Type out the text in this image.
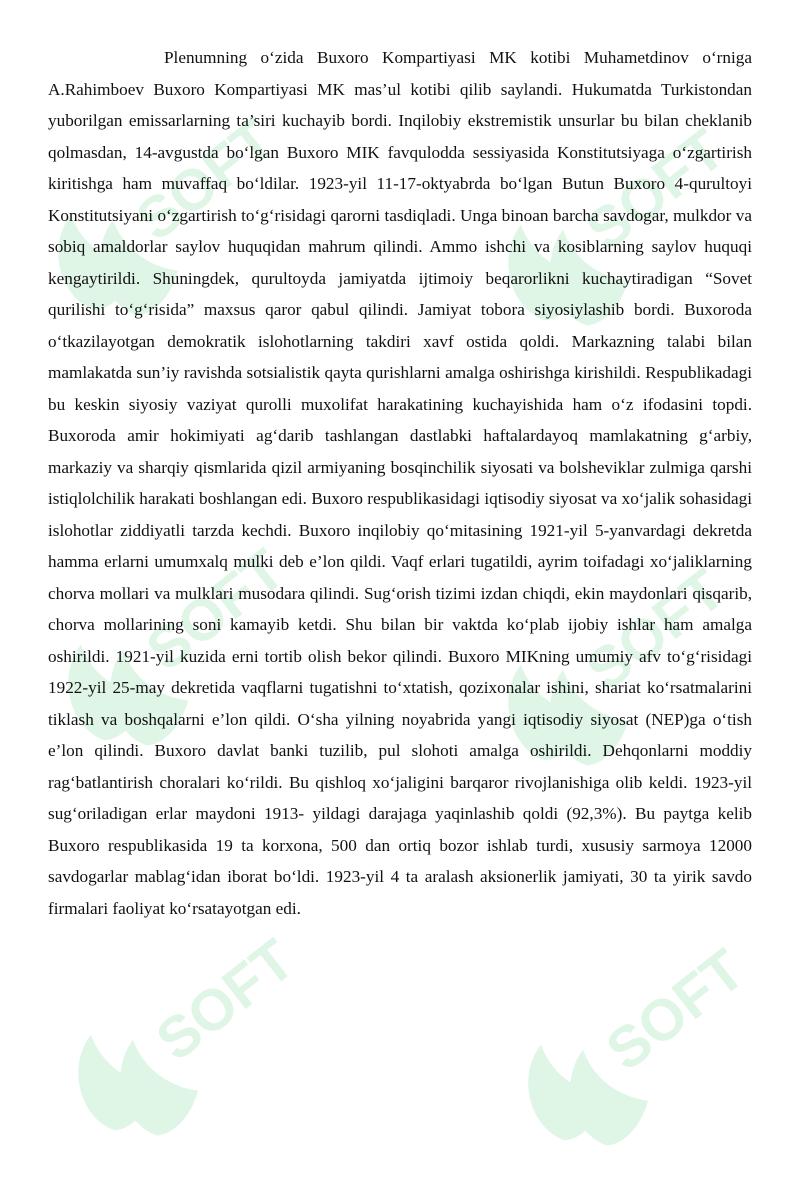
SOFT	SOFT
SOFT	SOFT
SOFT	SOFT

Plenumning o‘zida Buxoro Kompartiyasi MK kotibi Muhametdinov o‘rniga A.Rahimboev Buxoro Kompartiyasi MK mas’ul kotibi qilib saylandi. Hukumatda Turkistondan yuborilgan emissarlarning ta’siri kuchayib bordi. Inqilobiy ekstremistik unsurlar bu bilan cheklanib qolmasdan, 14-avgustda bo‘lgan Buxoro MIK favqulodda sessiyasida Konstitutsiyaga o‘zgartirish kiritishga ham muvaffaq bo‘ldilar. 1923-yil 11-17-oktyabrda bo‘lgan Butun Buxoro 4-qurultoyi Konstitutsiyani o‘zgartirish to‘g‘risidagi qarorni tasdiqladi. Unga binoan barcha savdogar, mulkdor va sobiq amaldorlar saylov huquqidan mahrum qilindi. Ammo ishchi va kosiblarning saylov huquqi kengaytirildi. Shuningdek, qurultoyda jamiyatda ijtimoiy beqarorlikni kuchaytiradigan “Sovet qurilishi to‘g‘risida” maxsus qaror qabul qilindi. Jamiyat tobora siyosiylashib bordi. Buxoroda o‘tkazilayotgan demokratik islohotlarning takdiri xavf ostida qoldi. Markazning talabi bilan mamlakatda sun’iy ravishda sotsialistik qayta qurishlarni amalga oshirishga kirishildi. Respublikadagi bu keskin siyosiy vaziyat qurolli muxolifat harakatining kuchayishida ham o‘z ifodasini topdi. Buxoroda amir hokimiyati ag‘darib tashlangan dastlabki haftalardayoq mamlakatning g‘arbiy, markaziy va sharqiy qismlarida qizil armiyaning bosqinchilik siyosati va bolsheviklar zulmiga qarshi istiqlolchilik harakati boshlangan edi. Buxoro respublikasidagi iqtisodiy siyosat va xo‘jalik sohasidagi islohotlar ziddiyatli tarzda kechdi. Buxoro inqilobiy qo‘mitasining 1921-yil 5-yanvardagi dekretda hamma erlarni umumxalq mulki deb e’lon qildi. Vaqf erlari tugatildi, ayrim toifadagi xo‘jaliklarning chorva mollari va mulklari musodara qilindi. Sug‘orish tizimi izdan chiqdi, ekin maydonlari qisqarib, chorva mollarining soni kamayib ketdi. Shu bilan bir vaktda ko‘plab ijobiy ishlar ham amalga oshirildi. 1921-yil kuzida erni tortib olish bekor qilindi. Buxoro MIKning umumiy afv to‘g‘risidagi 1922-yil 25-may dekretida vaqflarni tugatishni to‘xtatish, qozixonalar ishini, shariat ko‘rsatmalarini tiklash va boshqalarni e’lon qildi. O‘sha yilning noyabrida yangi iqtisodiy siyosat (NEP)ga o‘tish e’lon qilindi. Buxoro davlat banki tuzilib, pul slohoti amalga oshirildi. Dehqonlarni moddiy rag‘batlantirish choralari ko‘rildi. Bu qishloq xo‘jaligini barqaror rivojlanishiga olib keldi. 1923-yil sug‘oriladigan erlar maydoni 1913- yildagi darajaga yaqinlashib qoldi (92,3%). Bu paytga kelib Buxoro respublikasida 19 ta korxona, 500 dan ortiq bozor ishlab turdi, xususiy sarmoya 12000 savdogarlar mablag‘idan iborat bo‘ldi. 1923-yil 4 ta aralash aksionerlik jamiyati, 30 ta yirik savdo firmalari faoliyat ko‘rsatayotgan edi.
